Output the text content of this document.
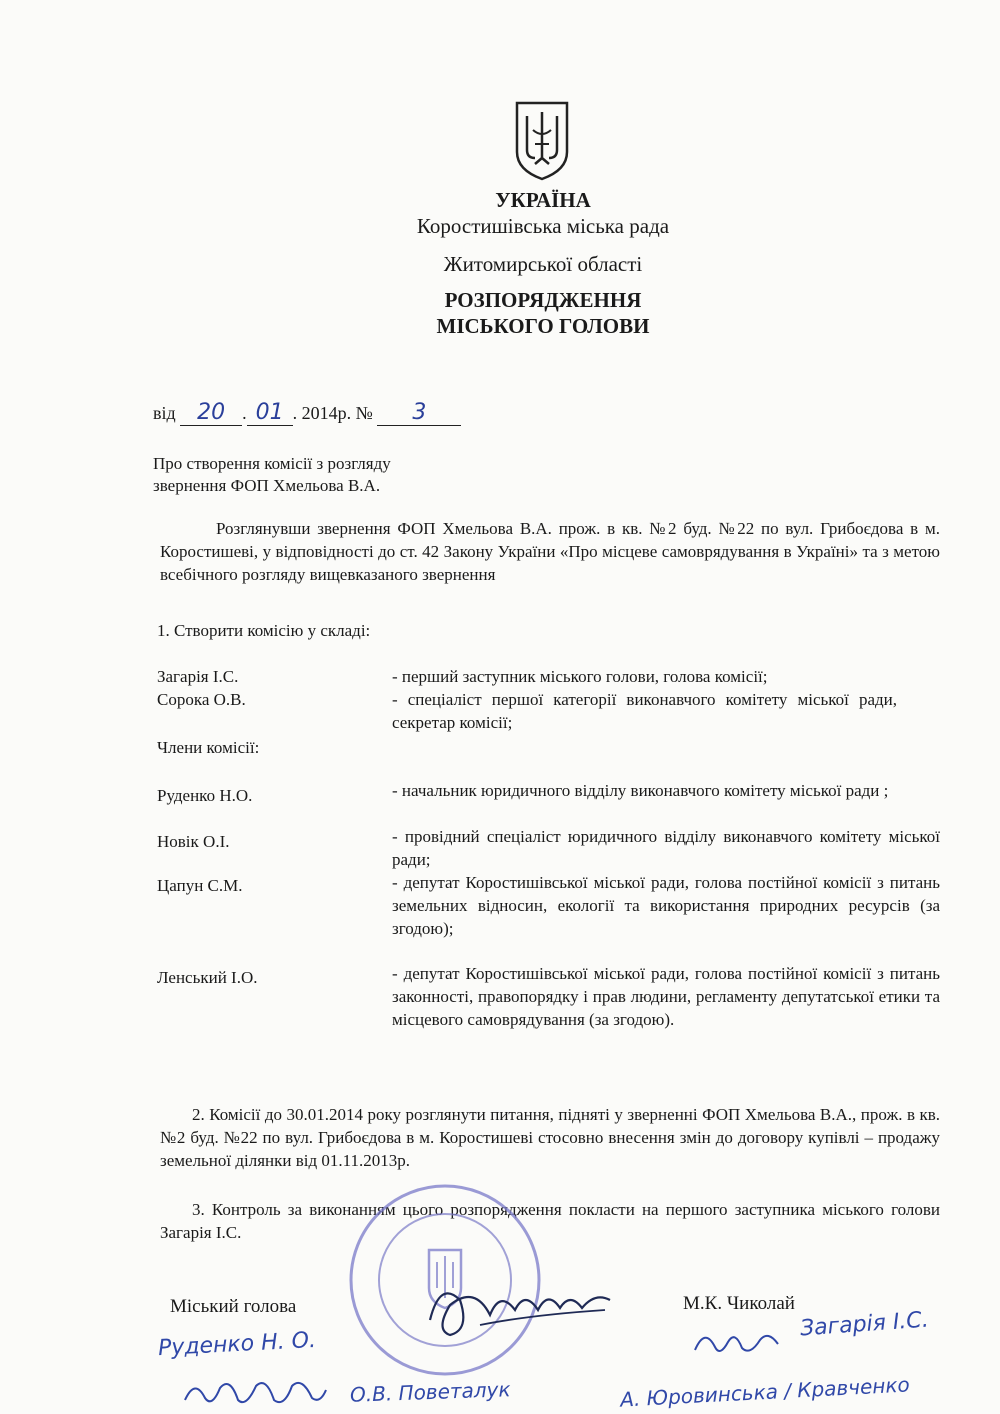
УКРАЇНА
Коростишівська міська рада
Житомирської області
РОЗПОРЯДЖЕННЯ
МІСЬКОГО ГОЛОВИ
від 20 . 01 . 2014р. № 3
Про створення комісії з розгляду
звернення ФОП Хмельова В.А.
Розглянувши звернення ФОП Хмельова В.А. прож. в кв. №2 буд. №22 по вул. Грибоєдова в м. Коростишеві, у відповідності до ст. 42 Закону України «Про місцеве самоврядування в Україні» та з метою всебічного розгляду вищевказаного звернення
1. Створити комісію у складі:
Загарія І.С.	- перший заступник міського голови, голова комісії;
Сорока О.В.	- спеціаліст першої категорії виконавчого комітету міської ради, секретар комісії;
Члени комісії:
Руденко Н.О.	- начальник юридичного відділу виконавчого комітету міської ради ;
Новік О.І.	- провідний спеціаліст юридичного відділу виконавчого комітету міської ради;
Цапун С.М.	- депутат Коростишівської міської ради, голова постійної комісії з питань земельних відносин, екології та використання природних ресурсів (за згодою);
Ленський І.О.	- депутат Коростишівської міської ради, голова постійної комісії з питань законності, правопорядку і прав людини, регламенту депутатської етики та місцевого самоврядування (за згодою).
2. Комісії до 30.01.2014 року розглянути питання, підняті у зверненні ФОП Хмельова В.А., прож. в кв. №2 буд. №22 по вул. Грибоєдова в м. Коростишеві стосовно внесення змін до договору купівлі – продажу земельної ділянки від 01.11.2013р.
3. Контроль за виконанням цього розпорядження покласти на першого заступника міського голови Загарія І.С.
Міський голова	М.К. Чиколай
Руденко Н. О.
Загарія І.С.
О.В. Поветалук	А. Юровинська / Кравченко
